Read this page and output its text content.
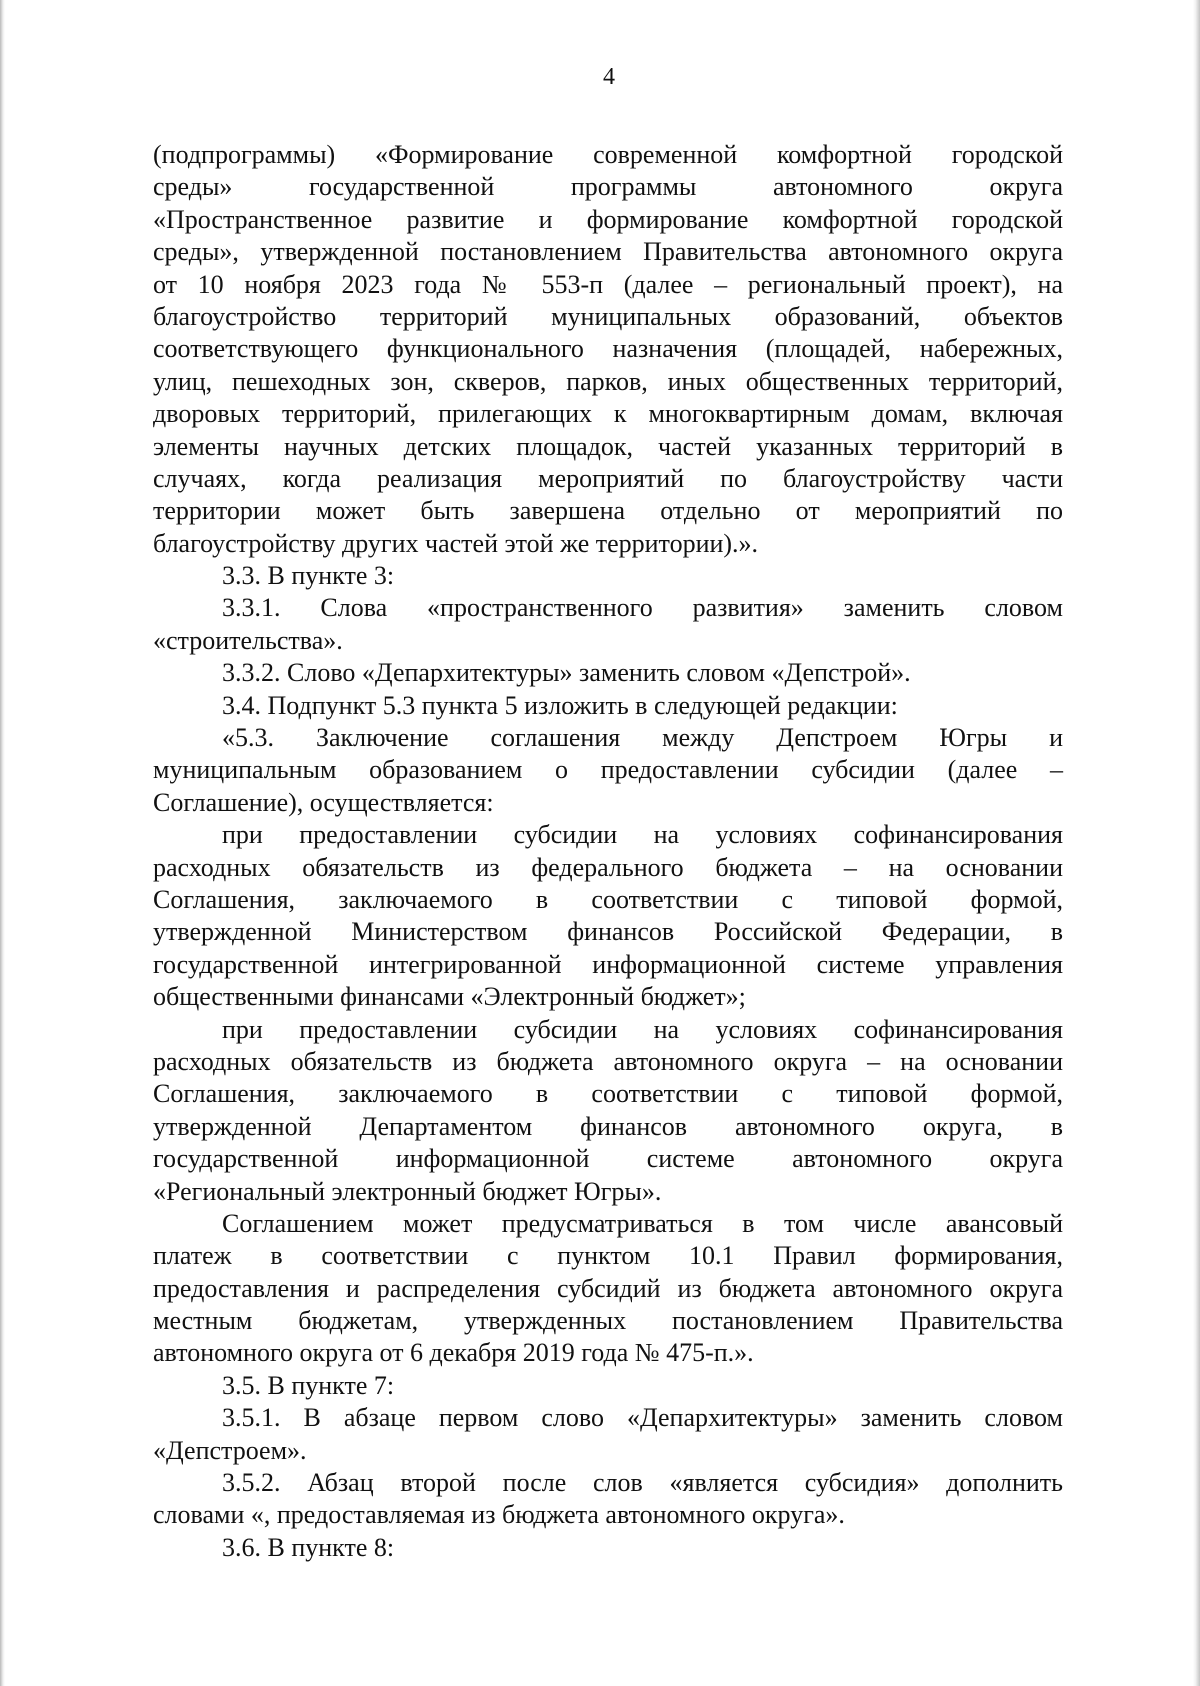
4
(подпрограммы) «Формирование современной комфортной городской
среды» государственной программы автономного округа
«Пространственное развитие и формирование комфортной городской
среды», утвержденной постановлением Правительства автономного округа
от 10 ноября 2023 года № 553-п (далее – региональный проект), на
благоустройство территорий муниципальных образований, объектов
соответствующего функционального назначения (площадей, набережных,
улиц, пешеходных зон, скверов, парков, иных общественных территорий,
дворовых территорий, прилегающих к многоквартирным домам, включая
элементы научных детских площадок, частей указанных территорий в
случаях, когда реализация мероприятий по благоустройству части
территории может быть завершена отдельно от мероприятий по
благоустройству других частей этой же территории).».
3.3. В пункте 3:
3.3.1. Слова «пространственного развития» заменить словом
«строительства».
3.3.2. Слово «Депархитектуры» заменить словом «Депстрой».
3.4. Подпункт 5.3 пункта 5 изложить в следующей редакции:
«5.3. Заключение соглашения между Депстроем Югры и
муниципальным образованием о предоставлении субсидии (далее –
Соглашение), осуществляется:
при предоставлении субсидии на условиях софинансирования
расходных обязательств из федерального бюджета – на основании
Соглашения, заключаемого в соответствии с типовой формой,
утвержденной Министерством финансов Российской Федерации, в
государственной интегрированной информационной системе управления
общественными финансами «Электронный бюджет»;
при предоставлении субсидии на условиях софинансирования
расходных обязательств из бюджета автономного округа – на основании
Соглашения, заключаемого в соответствии с типовой формой,
утвержденной Департаментом финансов автономного округа, в
государственной информационной системе автономного округа
«Региональный электронный бюджет Югры».
Соглашением может предусматриваться в том числе авансовый
платеж в соответствии с пунктом 10.1 Правил формирования,
предоставления и распределения субсидий из бюджета автономного округа
местным бюджетам, утвержденных постановлением Правительства
автономного округа от 6 декабря 2019 года № 475-п.».
3.5. В пункте 7:
3.5.1. В абзаце первом слово «Депархитектуры» заменить словом
«Депстроем».
3.5.2. Абзац второй после слов «является субсидия» дополнить
словами «, предоставляемая из бюджета автономного округа».
3.6. В пункте 8:
